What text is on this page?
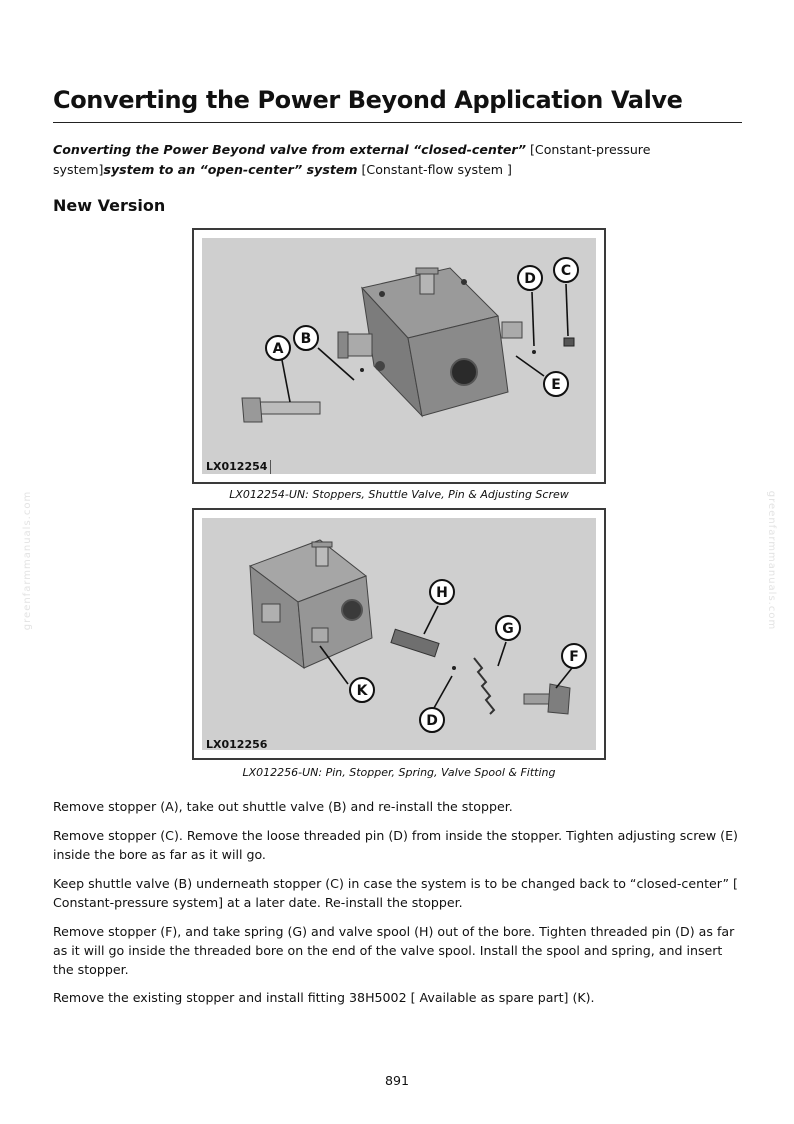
Converting the Power Beyond Application Valve

Converting the Power Beyond valve from external “closed-center” [Constant-pressure system]system to an “open-center” system [Constant-flow system ]

New Version
A
B
C
D
E
LX012254
LX012254-UN: Stoppers, Shuttle Valve, Pin & Adjusting Screw
F
G
H
K
D
LX012256
LX012256-UN: Pin, Stopper, Spring, Valve Spool & Fitting

Remove stopper (A), take out shuttle valve (B) and re-install the stopper.

Remove stopper (C). Remove the loose threaded pin (D) from inside the stopper. Tighten adjusting screw (E) inside the bore as far as it will go.

Keep shuttle valve (B) underneath stopper (C) in case the system is to be changed back to “closed-center” [ Constant-pressure system] at a later date. Re-install the stopper.

Remove stopper (F), and take spring (G) and valve spool (H) out of the bore. Tighten threaded pin (D) as far as it will go inside the threaded bore on the end of the valve spool. Install the spool and spring, and insert the stopper.

Remove the existing stopper and install fitting 38H5002 [ Available as spare part] (K).

891
greenfarmmanuals.com	greenfarmmanuals.com
